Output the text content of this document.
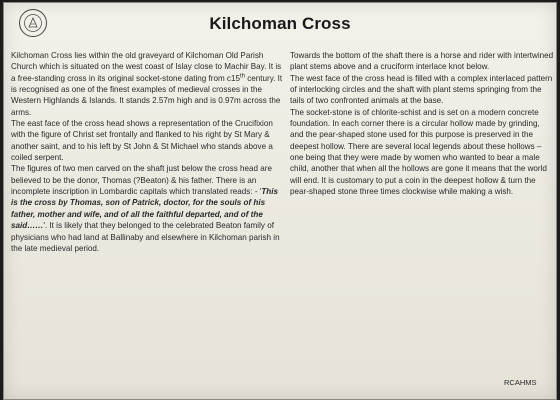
Kilchoman Cross

Kilchoman Cross lies within the old graveyard of Kilchoman Old Parish Church which is situated on the west coast of Islay close to Machir Bay. It is a free-standing cross in its original socket-stone dating from c15th century. It is recognised as one of the finest examples of medieval crosses in the Western Highlands & Islands. It stands 2.57m high and is 0.97m across the arms.

The east face of the cross head shows a representation of the Crucifixion with the figure of Christ set frontally and flanked to his right by St Mary & another saint, and to his left by St John & St Michael who stands above a coiled serpent.

The figures of two men carved on the shaft just below the cross head are believed to be the donor, Thomas (?Beaton) & his father. There is an incomplete inscription in Lombardic capitals which translated reads: - 'This is the cross by Thomas, son of Patrick, doctor, for the souls of his father, mother and wife, and of all the faithful departed, and of the said……'. It is likely that they belonged to the celebrated Beaton family of physicians who had land at Ballinaby and elsewhere in Kilchoman parish in the late medieval period.

Towards the bottom of the shaft there is a horse and rider with intertwined plant stems above and a cruciform interlace knot below.

The west face of the cross head is filled with a complex interlaced pattern of interlocking circles and the shaft with plant stems springing from the tails of two confronted animals at the base.

The socket-stone is of chlorite-schist and is set on a modern concrete foundation. In each corner there is a circular hollow made by grinding, and the pear-shaped stone used for this purpose is preserved in the deepest hollow. There are several local legends about these hollows – one being that they were made by women who wanted to bear a male child, another that when all the hollows are gone it means that the world will end. It is customary to put a coin in the deepest hollow & turn the pear-shaped stone three times clockwise while making a wish.

RCAHMS
